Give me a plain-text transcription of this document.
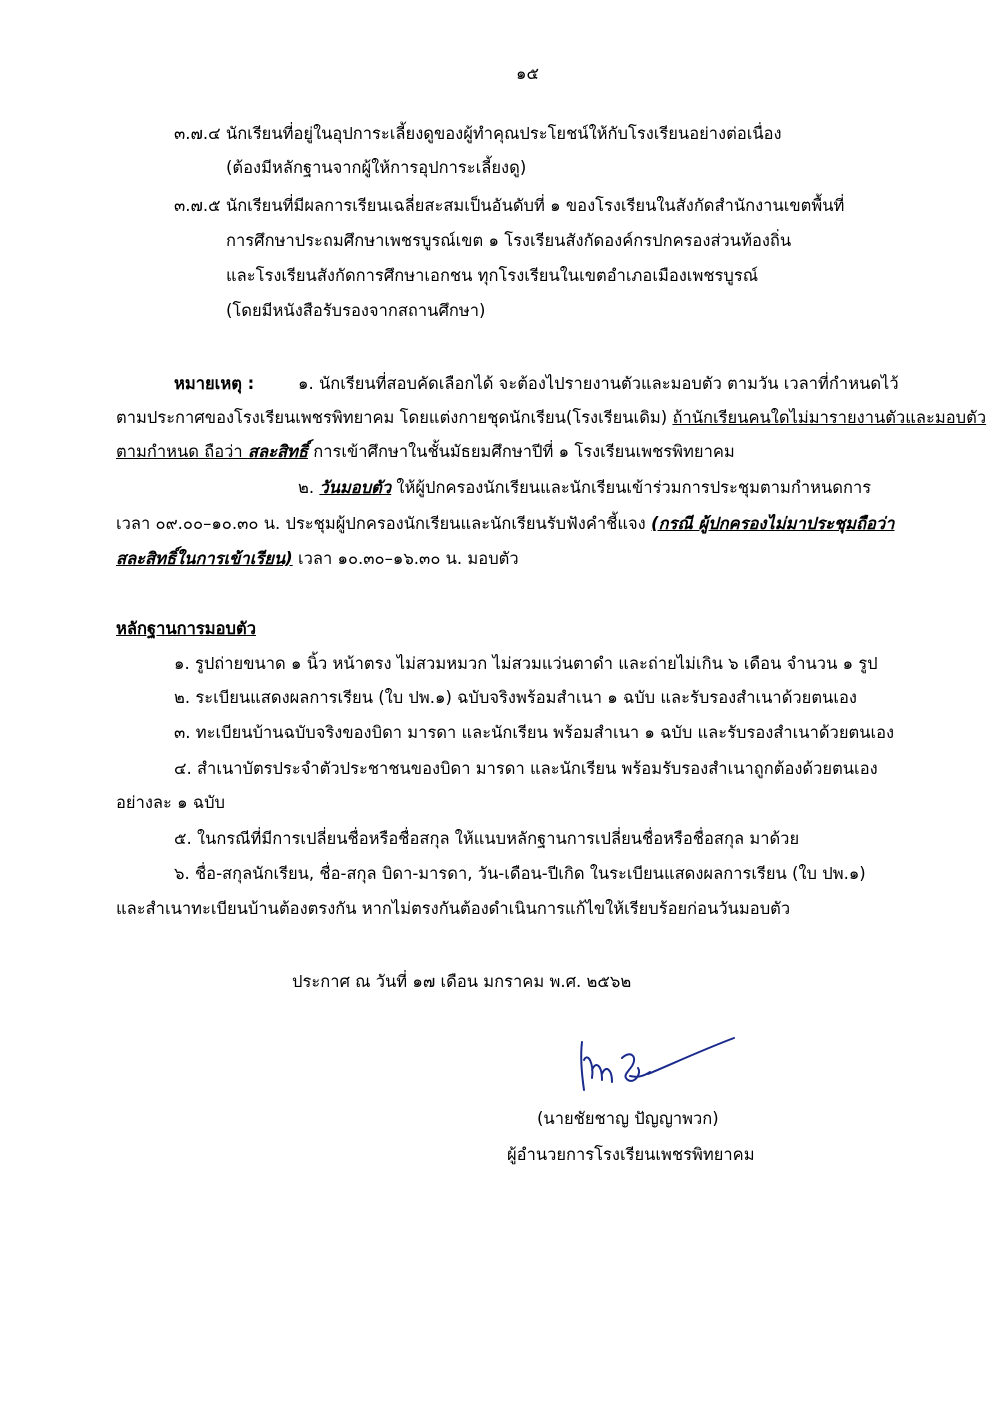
๑๕
๓.๗.๔ นักเรียนที่อยู่ในอุปการะเลี้ยงดูของผู้ทำคุณประโยชน์ให้กับโรงเรียนอย่างต่อเนื่อง
(ต้องมีหลักฐานจากผู้ให้การอุปการะเลี้ยงดู)
๓.๗.๕ นักเรียนที่มีผลการเรียนเฉลี่ยสะสมเป็นอันดับที่ ๑ ของโรงเรียนในสังกัดสำนักงานเขตพื้นที่
การศึกษาประถมศึกษาเพชรบูรณ์เขต ๑ โรงเรียนสังกัดองค์กรปกครองส่วนท้องถิ่น
และโรงเรียนสังกัดการศึกษาเอกชน ทุกโรงเรียนในเขตอำเภอเมืองเพชรบูรณ์
(โดยมีหนังสือรับรองจากสถานศึกษา)
หมายเหตุ :	๑. นักเรียนที่สอบคัดเลือกได้ จะต้องไปรายงานตัวและมอบตัว ตามวัน เวลาที่กำหนดไว้
ตามประกาศของโรงเรียนเพชรพิทยาคม โดยแต่งกายชุดนักเรียน(โรงเรียนเดิม) ถ้านักเรียนคนใดไม่มารายงานตัวและมอบตัว
ตามกำหนด ถือว่า สละสิทธิ์ การเข้าศึกษาในชั้นมัธยมศึกษาปีที่ ๑ โรงเรียนเพชรพิทยาคม
๒. วันมอบตัว ให้ผู้ปกครองนักเรียนและนักเรียนเข้าร่วมการประชุมตามกำหนดการ
เวลา ๐๙.๐๐–๑๐.๓๐ น. ประชุมผู้ปกครองนักเรียนและนักเรียนรับฟังคำชี้แจง (กรณี ผู้ปกครองไม่มาประชุมถือว่า
สละสิทธิ์ในการเข้าเรียน) เวลา ๑๐.๓๐–๑๖.๓๐ น. มอบตัว
หลักฐานการมอบตัว
๑. รูปถ่ายขนาด ๑ นิ้ว หน้าตรง ไม่สวมหมวก ไม่สวมแว่นตาดำ และถ่ายไม่เกิน ๖ เดือน จำนวน ๑ รูป
๒. ระเบียนแสดงผลการเรียน (ใบ ปพ.๑) ฉบับจริงพร้อมสำเนา ๑ ฉบับ และรับรองสำเนาด้วยตนเอง
๓. ทะเบียนบ้านฉบับจริงของบิดา มารดา และนักเรียน พร้อมสำเนา ๑ ฉบับ และรับรองสำเนาด้วยตนเอง
๔. สำเนาบัตรประจำตัวประชาชนของบิดา มารดา และนักเรียน พร้อมรับรองสำเนาถูกต้องด้วยตนเอง
อย่างละ ๑ ฉบับ
๕. ในกรณีที่มีการเปลี่ยนชื่อหรือชื่อสกุล ให้แนบหลักฐานการเปลี่ยนชื่อหรือชื่อสกุล มาด้วย
๖. ชื่อ-สกุลนักเรียน, ชื่อ-สกุล บิดา-มารดา, วัน-เดือน-ปีเกิด ในระเบียนแสดงผลการเรียน (ใบ ปพ.๑)
และสำเนาทะเบียนบ้านต้องตรงกัน หากไม่ตรงกันต้องดำเนินการแก้ไขให้เรียบร้อยก่อนวันมอบตัว
ประกาศ ณ วันที่ ๑๗ เดือน มกราคม พ.ศ. ๒๕๖๒
(นายชัยชาญ ปัญญาพวก)
ผู้อำนวยการโรงเรียนเพชรพิทยาคม
